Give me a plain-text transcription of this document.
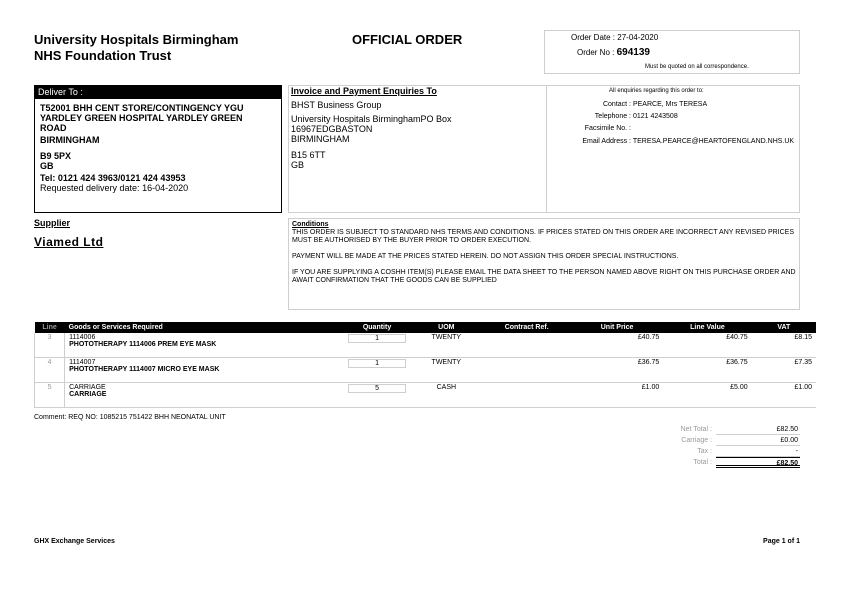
University Hospitals Birmingham
NHS Foundation Trust
OFFICIAL ORDER	Order Date : 27-04-2020
Order No : 694139
Must be quoted on all correspondence.
Deliver To :
T52001 BHH CENT STORE/CONTINGENCY YGU
YARDLEY GREEN HOSPITAL YARDLEY GREEN
ROAD
BIRMINGHAM
B9 5PX
GB
Tel: 0121 424 3963/0121 424 43953
Requested delivery date: 16-04-2020
Invoice and Payment Enquiries To
BHST Business Group
University Hospitals BirminghamPO Box
16967EDGBASTON
BIRMINGHAM
B15 6TT
GB
All enquiries regarding this order to:
Contact : PEARCE, Mrs TERESA
Telephone : 0121 4243508
Facsimile No. :
Email Address : TERESA.PEARCE@HEARTOFENGLAND.NHS.UK
Supplier
Viamed Ltd
Conditions

THIS ORDER IS SUBJECT TO STANDARD NHS TERMS AND CONDITIONS. IF PRICES STATED ON THIS ORDER ARE INCORRECT ANY REVISED PRICES MUST BE AUTHORISED BY THE BUYER PRIOR TO ORDER EXECUTION.

PAYMENT WILL BE MADE AT THE PRICES STATED HEREIN. DO NOT ASSIGN THIS ORDER SPECIAL INSTRUCTIONS.

IF YOU ARE SUPPLYING A COSHH ITEM(S) PLEASE EMAIL THE DATA SHEET TO THE PERSON NAMED ABOVE RIGHT ON THIS PURCHASE ORDER AND AWAIT CONFIRMATION THAT THE GOODS CAN BE SUPPLIED

Line	Goods or Services Required	Quantity	UOM	Contract Ref.	Unit Price	Line Value	VAT
3	1114006
PHOTOTHERAPY 1114006 PREM EYE MASK	1	TWENTY		£40.75	£40.75	£8.15
4	1114007
PHOTOTHERAPY 1114007 MICRO EYE MASK	1	TWENTY		£36.75	£36.75	£7.35
5	CARRIAGE
CARRIAGE	5	CASH		£1.00	£5.00	£1.00
Comment: REQ NO: 1085215 751422 BHH NEONATAL UNIT
Net Total :	£82.50
Carriage :	£0.00
Tax :	-
Total :	£82.50
GHX Exchange Services	Page 1 of 1
